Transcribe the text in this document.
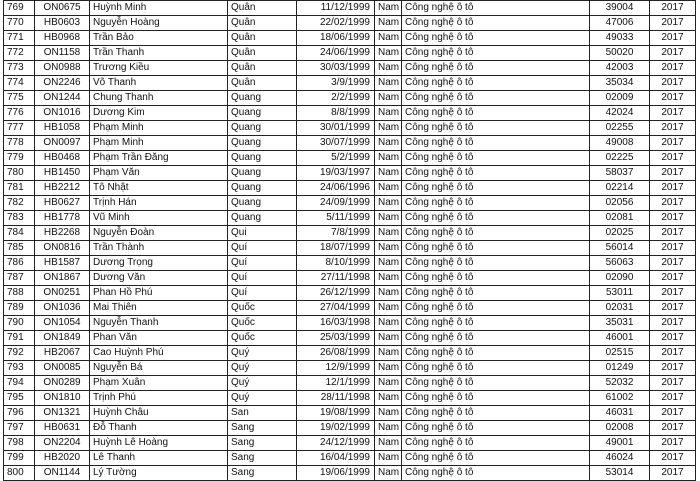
769	ON0675	Huỳnh Minh	Quân	11/12/1999	Nam	Công nghệ ô tô	39004	2017
770	HB0603	Nguyễn Hoàng	Quân	22/02/1999	Nam	Công nghệ ô tô	47006	2017
771	HB0968	Trần Bảo	Quân	18/06/1999	Nam	Công nghệ ô tô	49033	2017
772	ON1158	Trần Thanh	Quân	24/06/1999	Nam	Công nghệ ô tô	50020	2017
773	ON0988	Trương Kiều	Quân	30/03/1999	Nam	Công nghệ ô tô	42003	2017
774	ON2246	Võ Thanh	Quân	3/9/1999	Nam	Công nghệ ô tô	35034	2017
775	ON1244	Chung Thanh	Quang	2/2/1999	Nam	Công nghệ ô tô	02009	2017
776	ON1016	Dương Kim	Quang	8/8/1999	Nam	Công nghệ ô tô	42024	2017
777	HB1058	Phạm Minh	Quang	30/01/1999	Nam	Công nghệ ô tô	02255	2017
778	ON0097	Phạm Minh	Quang	30/07/1999	Nam	Công nghệ ô tô	49008	2017
779	HB0468	Phạm Trần Đăng	Quang	5/2/1999	Nam	Công nghệ ô tô	02225	2017
780	HB1450	Phạm Văn	Quang	19/03/1997	Nam	Công nghệ ô tô	58037	2017
781	HB2212	Tô Nhật	Quang	24/06/1996	Nam	Công nghệ ô tô	02214	2017
782	HB0627	Trịnh Hán	Quang	24/09/1999	Nam	Công nghệ ô tô	02056	2017
783	HB1778	Vũ Minh	Quang	5/11/1999	Nam	Công nghệ ô tô	02081	2017
784	HB2268	Nguyễn Đoàn	Qui	7/8/1999	Nam	Công nghệ ô tô	02025	2017
785	ON0816	Trần Thành	Quí	18/07/1999	Nam	Công nghệ ô tô	56014	2017
786	HB1587	Dương Trọng	Quí	8/10/1999	Nam	Công nghệ ô tô	56063	2017
787	ON1867	Dương Văn	Quí	27/11/1998	Nam	Công nghệ ô tô	02090	2017
788	ON0251	Phan Hồ Phú	Quí	26/12/1999	Nam	Công nghệ ô tô	53011	2017
789	ON1036	Mai Thiên	Quốc	27/04/1999	Nam	Công nghệ ô tô	02031	2017
790	ON1054	Nguyễn Thanh	Quốc	16/03/1998	Nam	Công nghệ ô tô	35031	2017
791	ON1849	Phan Văn	Quốc	25/03/1999	Nam	Công nghệ ô tô	46001	2017
792	HB2067	Cao Huỳnh Phú	Quý	26/08/1999	Nam	Công nghệ ô tô	02515	2017
793	ON0085	Nguyễn Bá	Quý	12/9/1999	Nam	Công nghệ ô tô	01249	2017
794	ON0289	Phạm Xuân	Quý	12/1/1999	Nam	Công nghệ ô tô	52032	2017
795	ON1810	Trịnh Phú	Quý	28/11/1998	Nam	Công nghệ ô tô	61002	2017
796	ON1321	Huỳnh Châu	San	19/08/1999	Nam	Công nghệ ô tô	46031	2017
797	HB0631	Đỗ Thanh	Sang	19/02/1999	Nam	Công nghệ ô tô	02008	2017
798	ON2204	Huỳnh Lê Hoàng	Sang	24/12/1999	Nam	Công nghệ ô tô	49001	2017
799	HB2020	Lê Thanh	Sang	16/04/1999	Nam	Công nghệ ô tô	46024	2017
800	ON1144	Lý Tường	Sang	19/06/1999	Nam	Công nghệ ô tô	53014	2017
